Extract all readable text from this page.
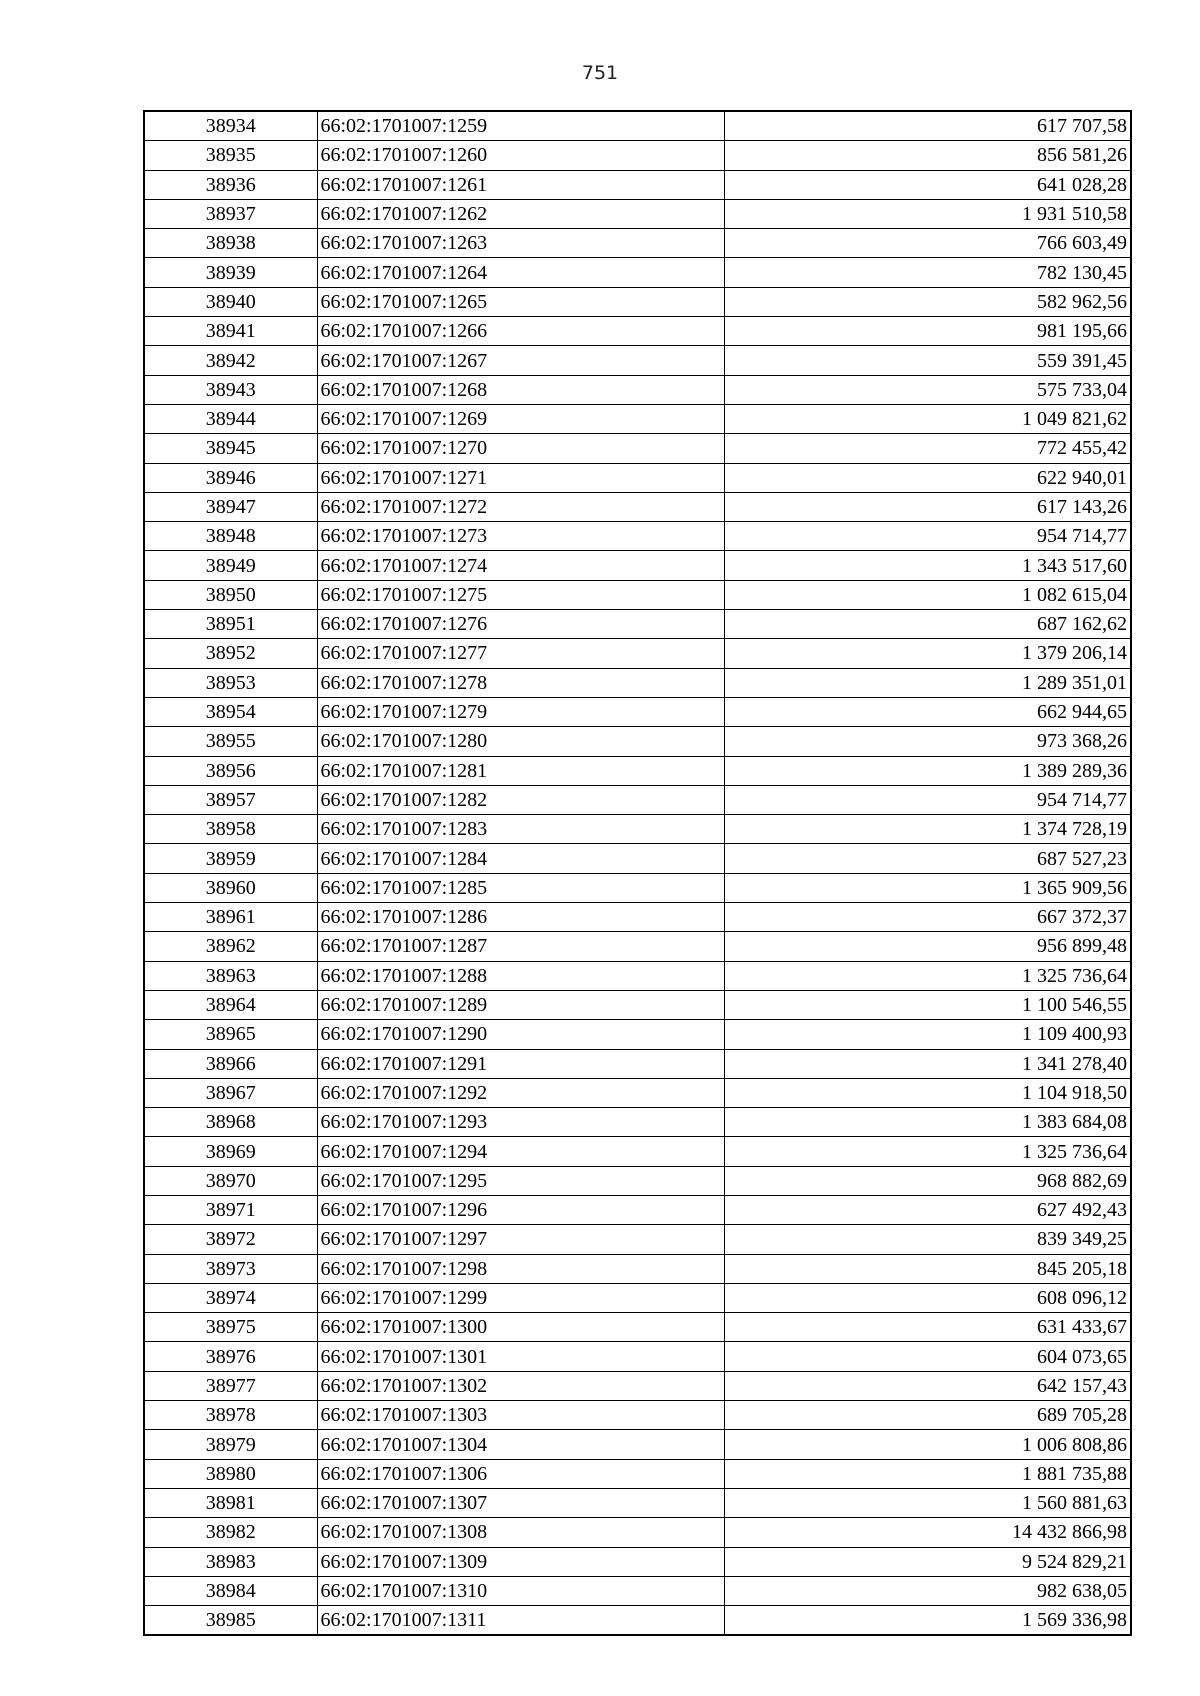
751
38934	66:02:1701007:1259	617 707,58
38935	66:02:1701007:1260	856 581,26
38936	66:02:1701007:1261	641 028,28
38937	66:02:1701007:1262	1 931 510,58
38938	66:02:1701007:1263	766 603,49
38939	66:02:1701007:1264	782 130,45
38940	66:02:1701007:1265	582 962,56
38941	66:02:1701007:1266	981 195,66
38942	66:02:1701007:1267	559 391,45
38943	66:02:1701007:1268	575 733,04
38944	66:02:1701007:1269	1 049 821,62
38945	66:02:1701007:1270	772 455,42
38946	66:02:1701007:1271	622 940,01
38947	66:02:1701007:1272	617 143,26
38948	66:02:1701007:1273	954 714,77
38949	66:02:1701007:1274	1 343 517,60
38950	66:02:1701007:1275	1 082 615,04
38951	66:02:1701007:1276	687 162,62
38952	66:02:1701007:1277	1 379 206,14
38953	66:02:1701007:1278	1 289 351,01
38954	66:02:1701007:1279	662 944,65
38955	66:02:1701007:1280	973 368,26
38956	66:02:1701007:1281	1 389 289,36
38957	66:02:1701007:1282	954 714,77
38958	66:02:1701007:1283	1 374 728,19
38959	66:02:1701007:1284	687 527,23
38960	66:02:1701007:1285	1 365 909,56
38961	66:02:1701007:1286	667 372,37
38962	66:02:1701007:1287	956 899,48
38963	66:02:1701007:1288	1 325 736,64
38964	66:02:1701007:1289	1 100 546,55
38965	66:02:1701007:1290	1 109 400,93
38966	66:02:1701007:1291	1 341 278,40
38967	66:02:1701007:1292	1 104 918,50
38968	66:02:1701007:1293	1 383 684,08
38969	66:02:1701007:1294	1 325 736,64
38970	66:02:1701007:1295	968 882,69
38971	66:02:1701007:1296	627 492,43
38972	66:02:1701007:1297	839 349,25
38973	66:02:1701007:1298	845 205,18
38974	66:02:1701007:1299	608 096,12
38975	66:02:1701007:1300	631 433,67
38976	66:02:1701007:1301	604 073,65
38977	66:02:1701007:1302	642 157,43
38978	66:02:1701007:1303	689 705,28
38979	66:02:1701007:1304	1 006 808,86
38980	66:02:1701007:1306	1 881 735,88
38981	66:02:1701007:1307	1 560 881,63
38982	66:02:1701007:1308	14 432 866,98
38983	66:02:1701007:1309	9 524 829,21
38984	66:02:1701007:1310	982 638,05
38985	66:02:1701007:1311	1 569 336,98
